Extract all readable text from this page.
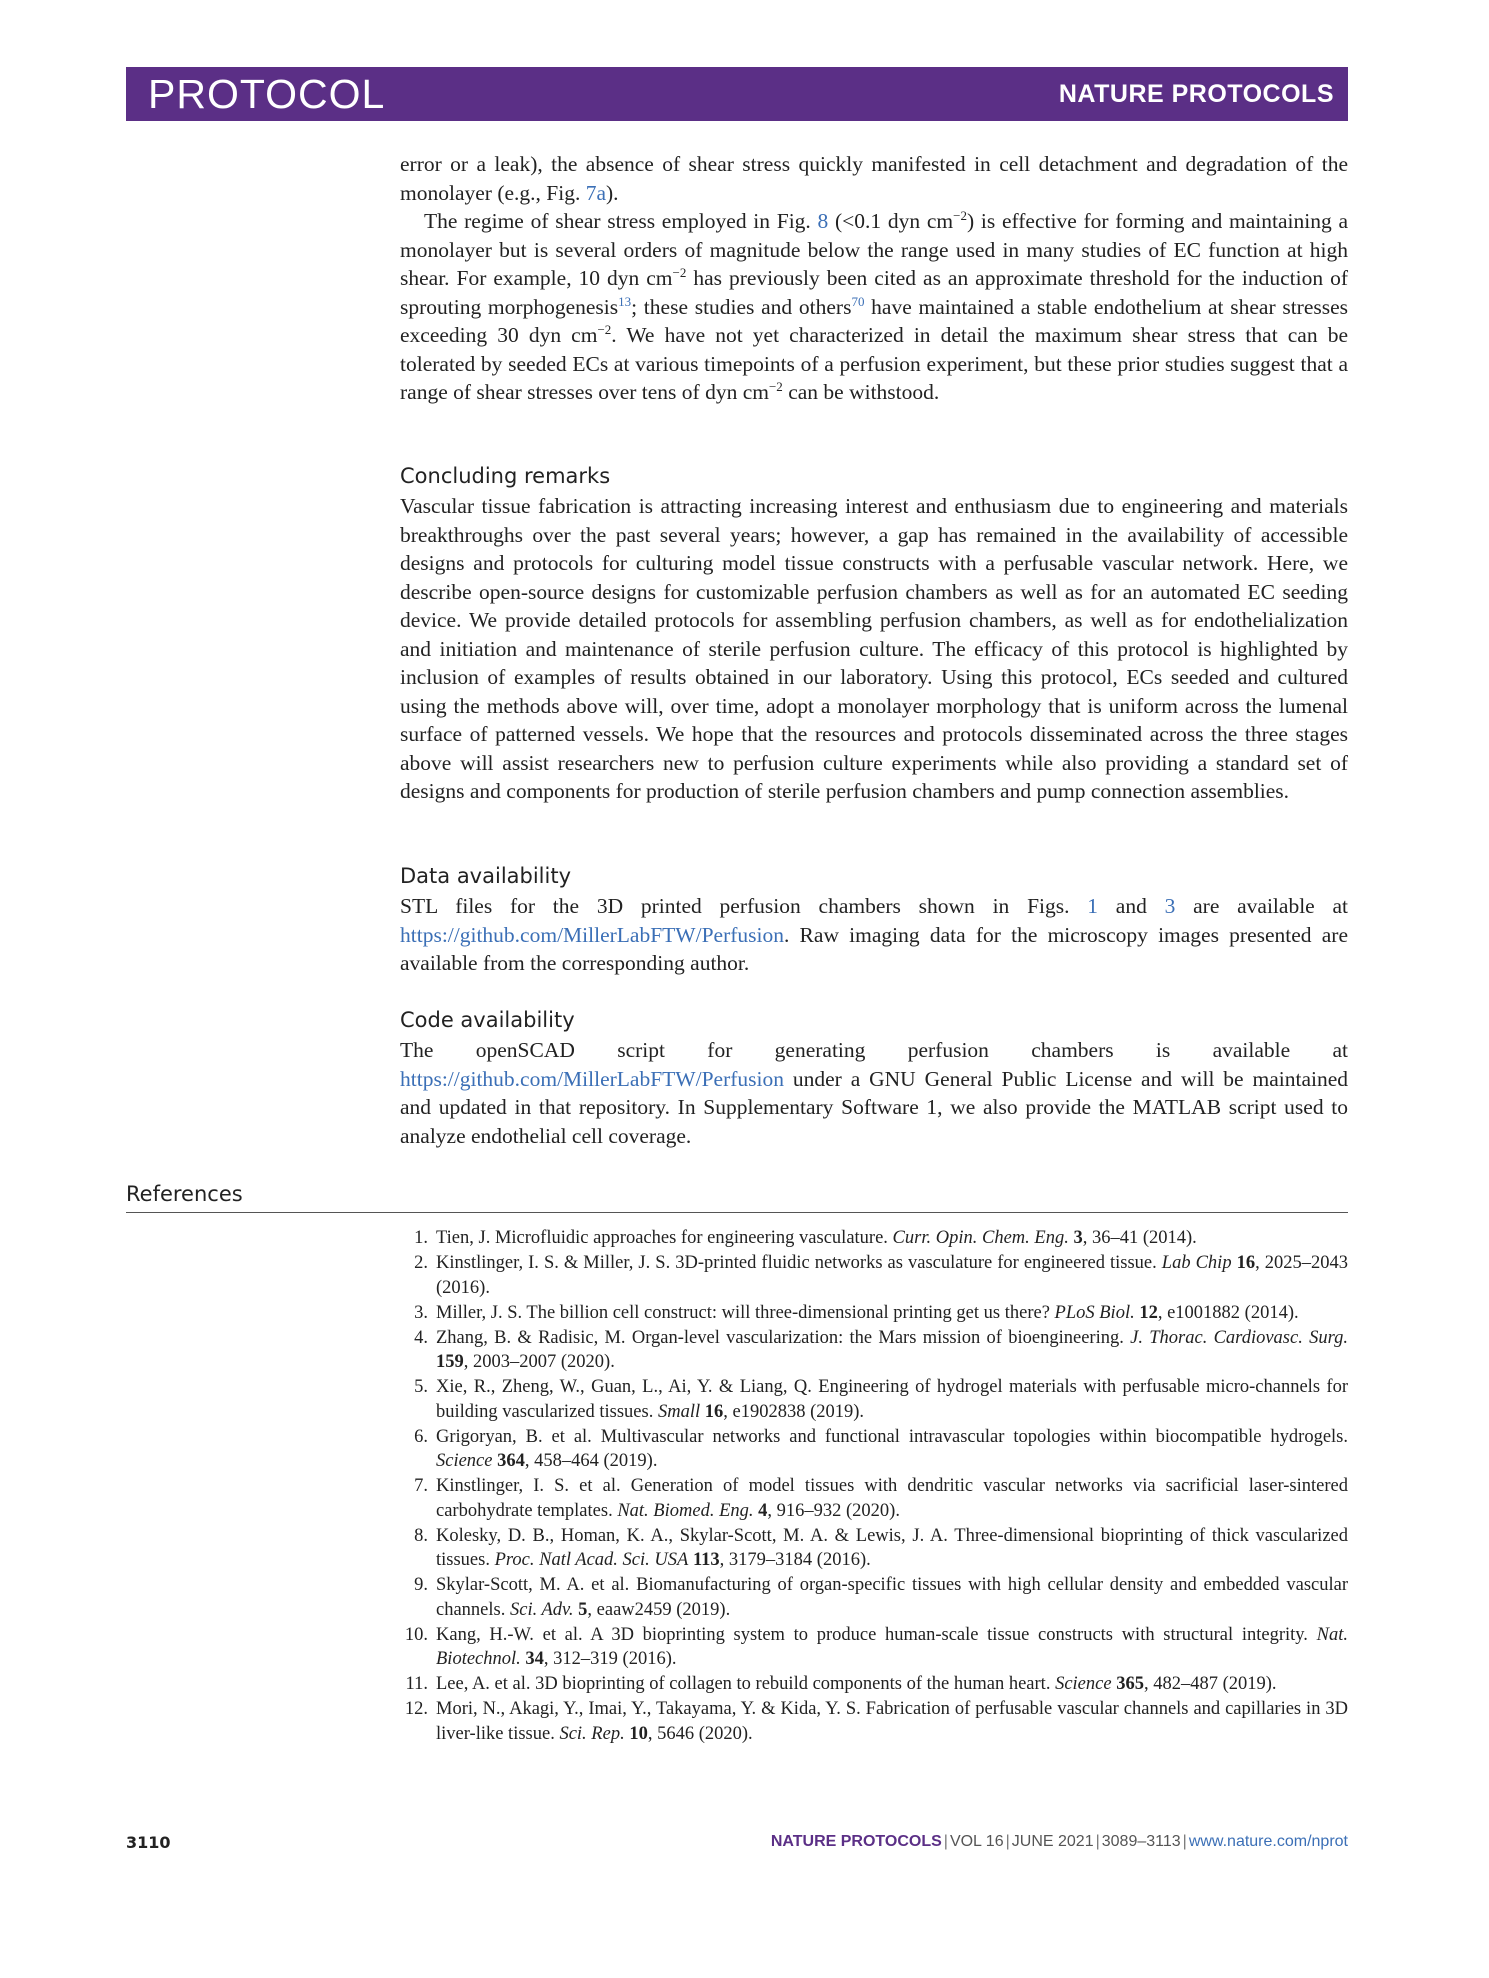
PROTOCOL	NATURE PROTOCOLS

error or a leak), the absence of shear stress quickly manifested in cell detachment and degradation of the monolayer (e.g., Fig. 7a).

The regime of shear stress employed in Fig. 8 (<0.1 dyn $cm^{-2}$) is effective for forming and maintaining a monolayer but is several orders of magnitude below the range used in many studies of EC function at high shear. For example, 10 dyn $cm^{-2}$ has previously been cited as an approximate threshold for the induction of sprouting morphogenesis$^{13}$; these studies and others$^{70}$ have maintained a stable endothelium at shear stresses exceeding 30 dyn $cm^{-2}$. We have not yet characterized in detail the maximum shear stress that can be tolerated by seeded ECs at various timepoints of a perfusion experiment, but these prior studies suggest that a range of shear stresses over tens of dyn $cm^{-2}$ can be withstood.

Concluding remarks

Vascular tissue fabrication is attracting increasing interest and enthusiasm due to engineering and materials breakthroughs over the past several years; however, a gap has remained in the availability of accessible designs and protocols for culturing model tissue constructs with a perfusable vascular network. Here, we describe open-source designs for customizable perfusion chambers as well as for an automated EC seeding device. We provide detailed protocols for assembling perfusion chambers, as well as for endothelialization and initiation and maintenance of sterile perfusion culture. The efficacy of this protocol is highlighted by inclusion of examples of results obtained in our laboratory. Using this protocol, ECs seeded and cultured using the methods above will, over time, adopt a monolayer morphology that is uniform across the lumenal surface of patterned vessels. We hope that the resources and protocols disseminated across the three stages above will assist researchers new to perfusion culture experiments while also providing a standard set of designs and components for production of sterile perfusion chambers and pump connection assemblies.

Data availability

STL files for the 3D printed perfusion chambers shown in Figs. 1 and 3 are available at https://github.com/MillerLabFTW/Perfusion. Raw imaging data for the microscopy images presented are available from the corresponding author.

Code availability

The openSCAD script for generating perfusion chambers is available at https://github.com/MillerLabFTW/Perfusion under a GNU General Public License and will be maintained and updated in that repository. In Supplementary Software 1, we also provide the MATLAB script used to analyze endothelial cell coverage.

References
1. Tien, J. Microfluidic approaches for engineering vasculature. Curr. Opin. Chem. Eng. 3, 36–41 (2014).
2. Kinstlinger, I. S. & Miller, J. S. 3D-printed fluidic networks as vasculature for engineered tissue. Lab Chip 16, 2025–2043 (2016).
3. Miller, J. S. The billion cell construct: will three-dimensional printing get us there? PLoS Biol. 12, e1001882 (2014).
4. Zhang, B. & Radisic, M. Organ-level vascularization: the Mars mission of bioengineering. J. Thorac. Cardiovasc. Surg. 159, 2003–2007 (2020).
5. Xie, R., Zheng, W., Guan, L., Ai, Y. & Liang, Q. Engineering of hydrogel materials with perfusable micro-channels for building vascularized tissues. Small 16, e1902838 (2019).
6. Grigoryan, B. et al. Multivascular networks and functional intravascular topologies within biocompatible hydrogels. Science 364, 458–464 (2019).
7. Kinstlinger, I. S. et al. Generation of model tissues with dendritic vascular networks via sacrificial laser-sintered carbohydrate templates. Nat. Biomed. Eng. 4, 916–932 (2020).
8. Kolesky, D. B., Homan, K. A., Skylar-Scott, M. A. & Lewis, J. A. Three-dimensional bioprinting of thick vascularized tissues. Proc. Natl Acad. Sci. USA 113, 3179–3184 (2016).
9. Skylar-Scott, M. A. et al. Biomanufacturing of organ-specific tissues with high cellular density and embedded vascular channels. Sci. Adv. 5, eaaw2459 (2019).
10. Kang, H.-W. et al. A 3D bioprinting system to produce human-scale tissue constructs with structural integrity. Nat. Biotechnol. 34, 312–319 (2016).
11. Lee, A. et al. 3D bioprinting of collagen to rebuild components of the human heart. Science 365, 482–487 (2019).
12. Mori, N., Akagi, Y., Imai, Y., Takayama, Y. & Kida, Y. S. Fabrication of perfusable vascular channels and capillaries in 3D liver-like tissue. Sci. Rep. 10, 5646 (2020).
3110	NATURE PROTOCOLS | VOL 16 | JUNE 2021 | 3089–3113 | www.nature.com/nprot
